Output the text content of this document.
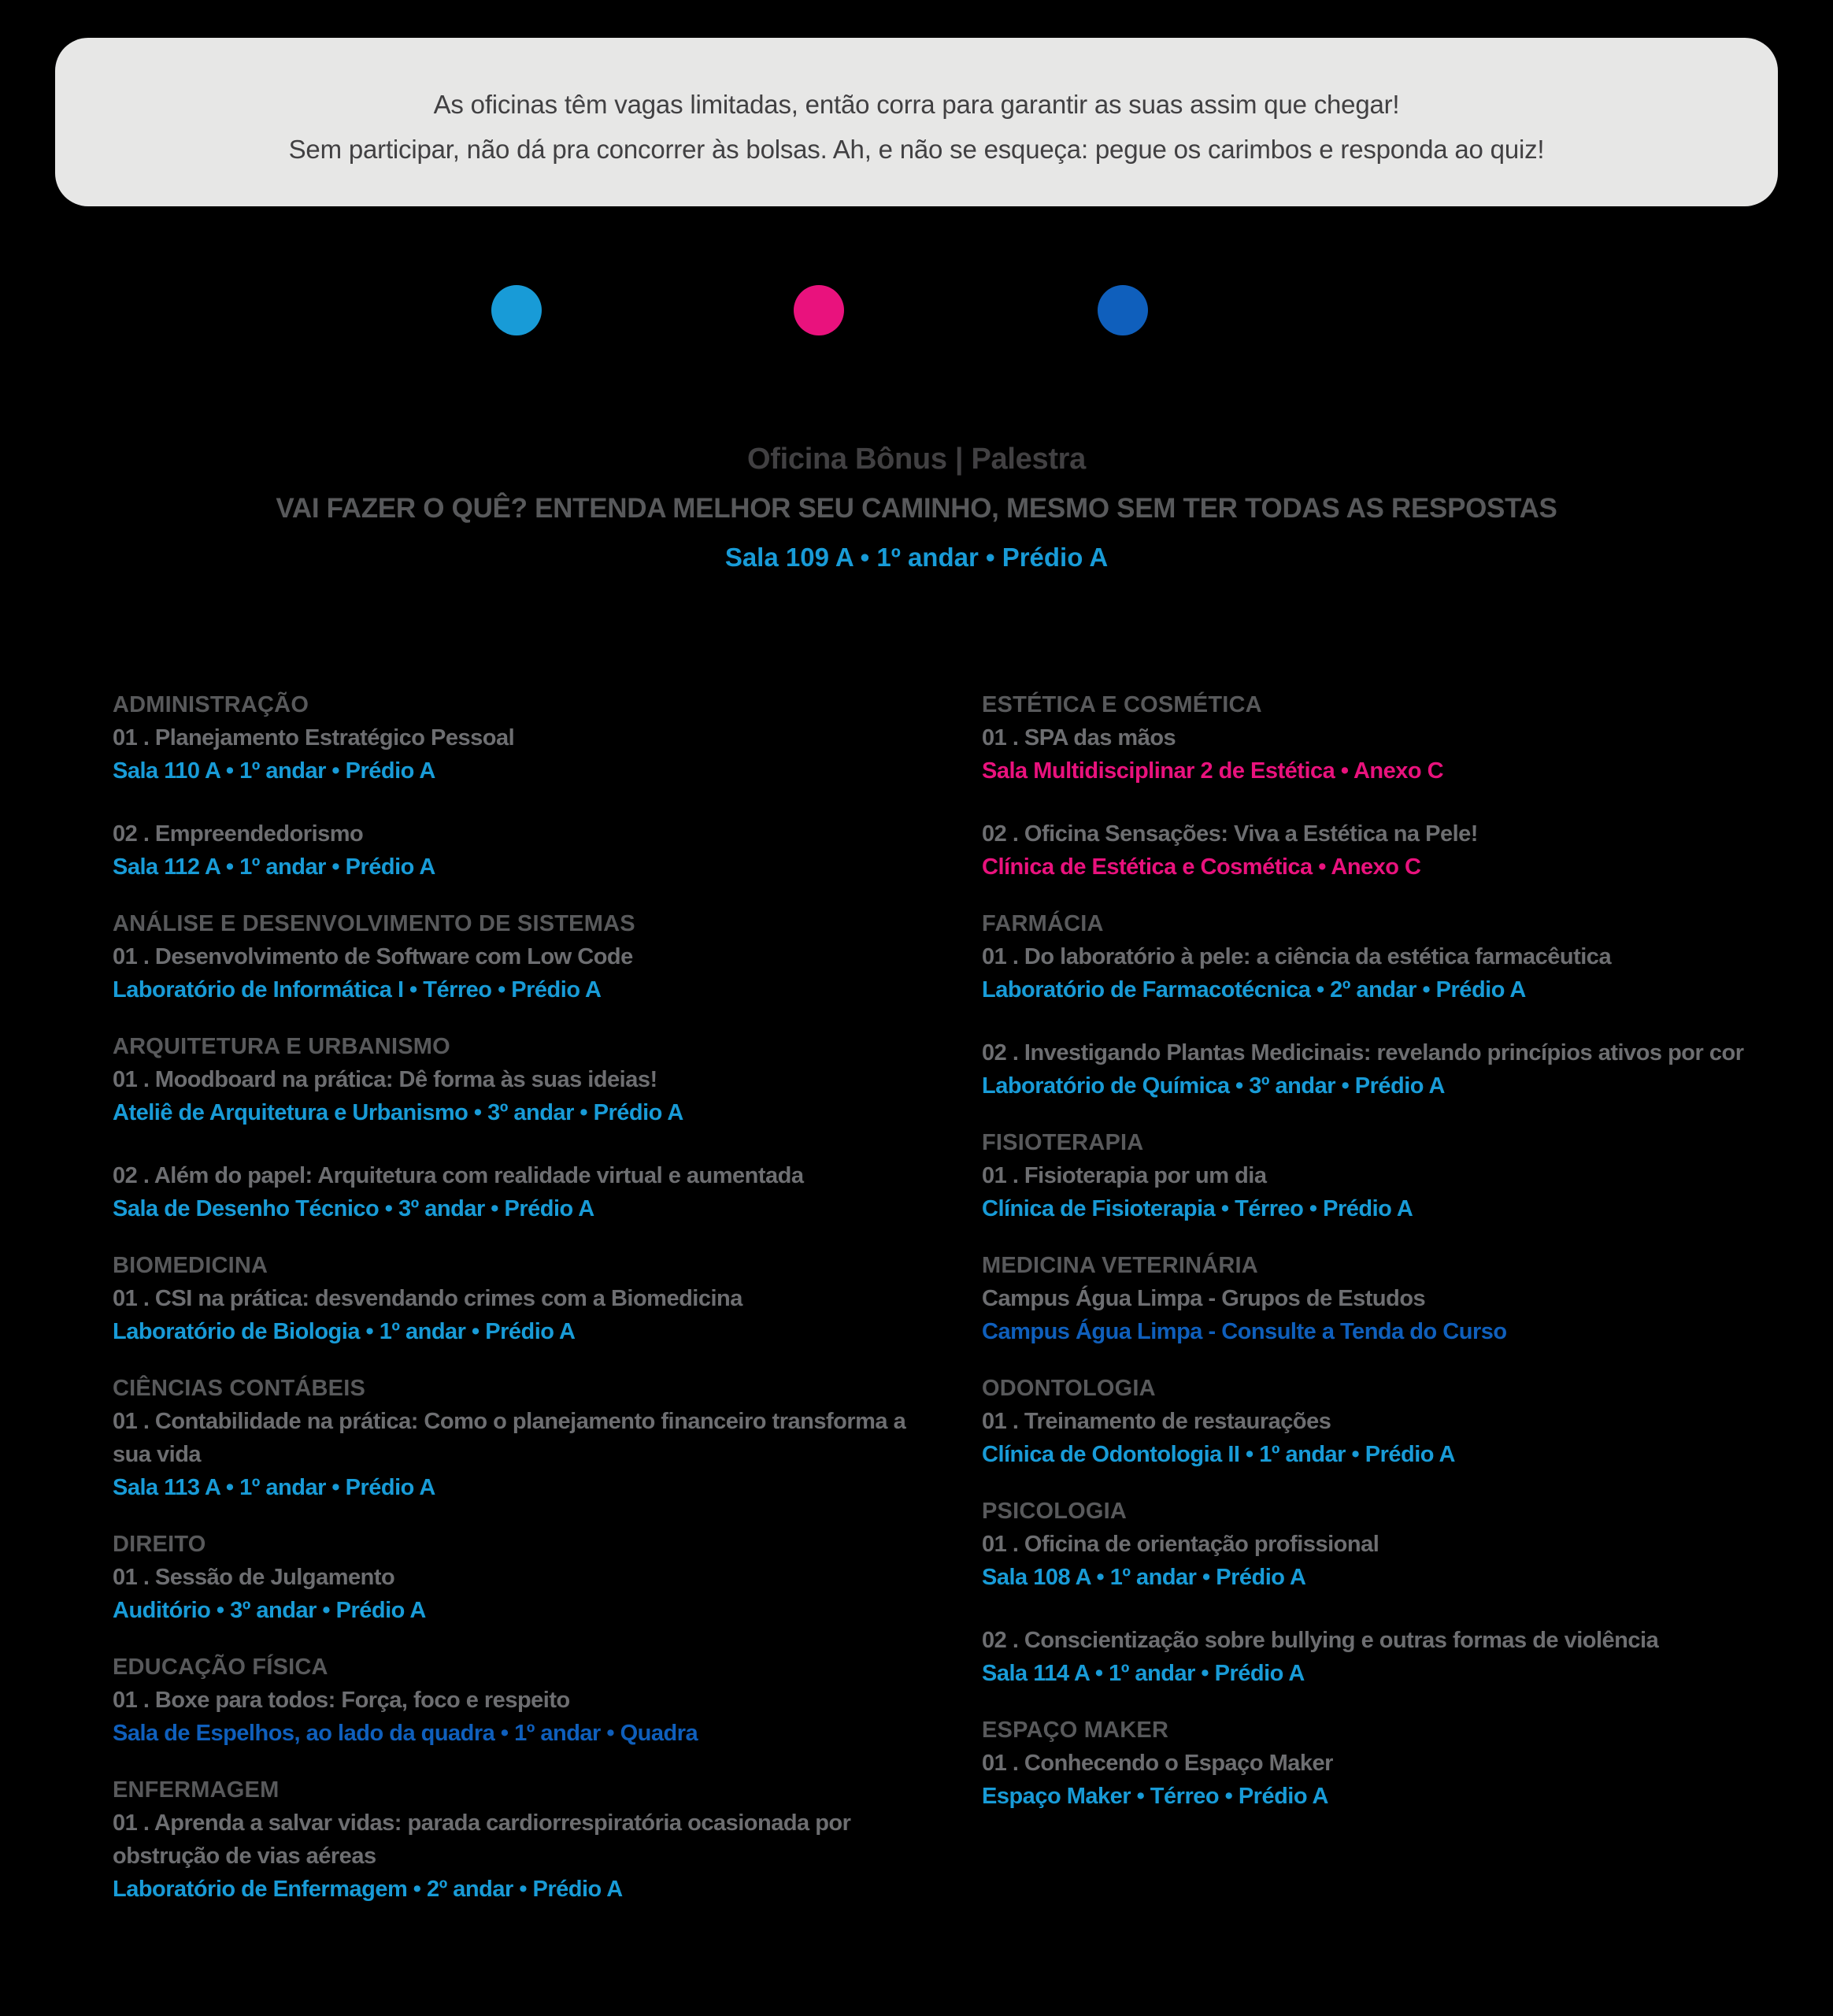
As oficinas têm vagas limitadas, então corra para garantir as suas assim que chegar!

Sem participar, não dá pra concorrer às bolsas. Ah, e não se esqueça: pegue os carimbos e responda ao quiz!

Oficina Bônus | Palestra

VAI FAZER O QUÊ? ENTENDA MELHOR SEU CAMINHO, MESMO SEM TER TODAS AS RESPOSTAS

Sala 109 A • 1º andar • Prédio A

ADMINISTRAÇÃO

01 . Planejamento Estratégico Pessoal

Sala 110 A • 1º andar • Prédio A

02 . Empreendedorismo

Sala 112 A • 1º andar • Prédio A

ANÁLISE E DESENVOLVIMENTO DE SISTEMAS

01 . Desenvolvimento de Software com Low Code

Laboratório de Informática I • Térreo • Prédio A

ARQUITETURA E URBANISMO

01 . Moodboard na prática: Dê forma às suas ideias!

Ateliê de Arquitetura e Urbanismo • 3º andar • Prédio A

02 . Além do papel: Arquitetura com realidade virtual e aumentada

Sala de Desenho Técnico • 3º andar • Prédio A

BIOMEDICINA

01 . CSI na prática: desvendando crimes com a Biomedicina

Laboratório de Biologia • 1º andar • Prédio A

CIÊNCIAS CONTÁBEIS

01 . Contabilidade na prática: Como o planejamento financeiro transforma a sua vida

Sala 113 A • 1º andar • Prédio A

DIREITO

01 . Sessão de Julgamento

Auditório • 3º andar • Prédio A

EDUCAÇÃO FÍSICA

01 . Boxe para todos: Força, foco e respeito

Sala de Espelhos, ao lado da quadra • 1º andar • Quadra

ENFERMAGEM

01 . Aprenda a salvar vidas: parada cardiorrespiratória ocasionada por obstrução de vias aéreas

Laboratório de Enfermagem • 2º andar • Prédio A

ESTÉTICA E COSMÉTICA

01 . SPA das mãos

Sala Multidisciplinar 2 de Estética • Anexo C

02 . Oficina Sensações: Viva a Estética na Pele!

Clínica de Estética e Cosmética • Anexo C

FARMÁCIA

01 . Do laboratório à pele: a ciência da estética farmacêutica

Laboratório de Farmacotécnica • 2º andar • Prédio A

02 . Investigando Plantas Medicinais: revelando princípios ativos por cor

Laboratório de Química • 3º andar • Prédio A

FISIOTERAPIA

01 . Fisioterapia por um dia

Clínica de Fisioterapia • Térreo • Prédio A

MEDICINA VETERINÁRIA

Campus Água Limpa - Grupos de Estudos

Campus Água Limpa - Consulte a Tenda do Curso

ODONTOLOGIA

01 . Treinamento de restaurações

Clínica de Odontologia II • 1º andar • Prédio A

PSICOLOGIA

01 . Oficina de orientação profissional

Sala 108 A • 1º andar • Prédio A

02 . Conscientização sobre bullying e outras formas de violência

Sala 114 A • 1º andar • Prédio A

ESPAÇO MAKER

01 . Conhecendo o Espaço Maker

Espaço Maker • Térreo • Prédio A
